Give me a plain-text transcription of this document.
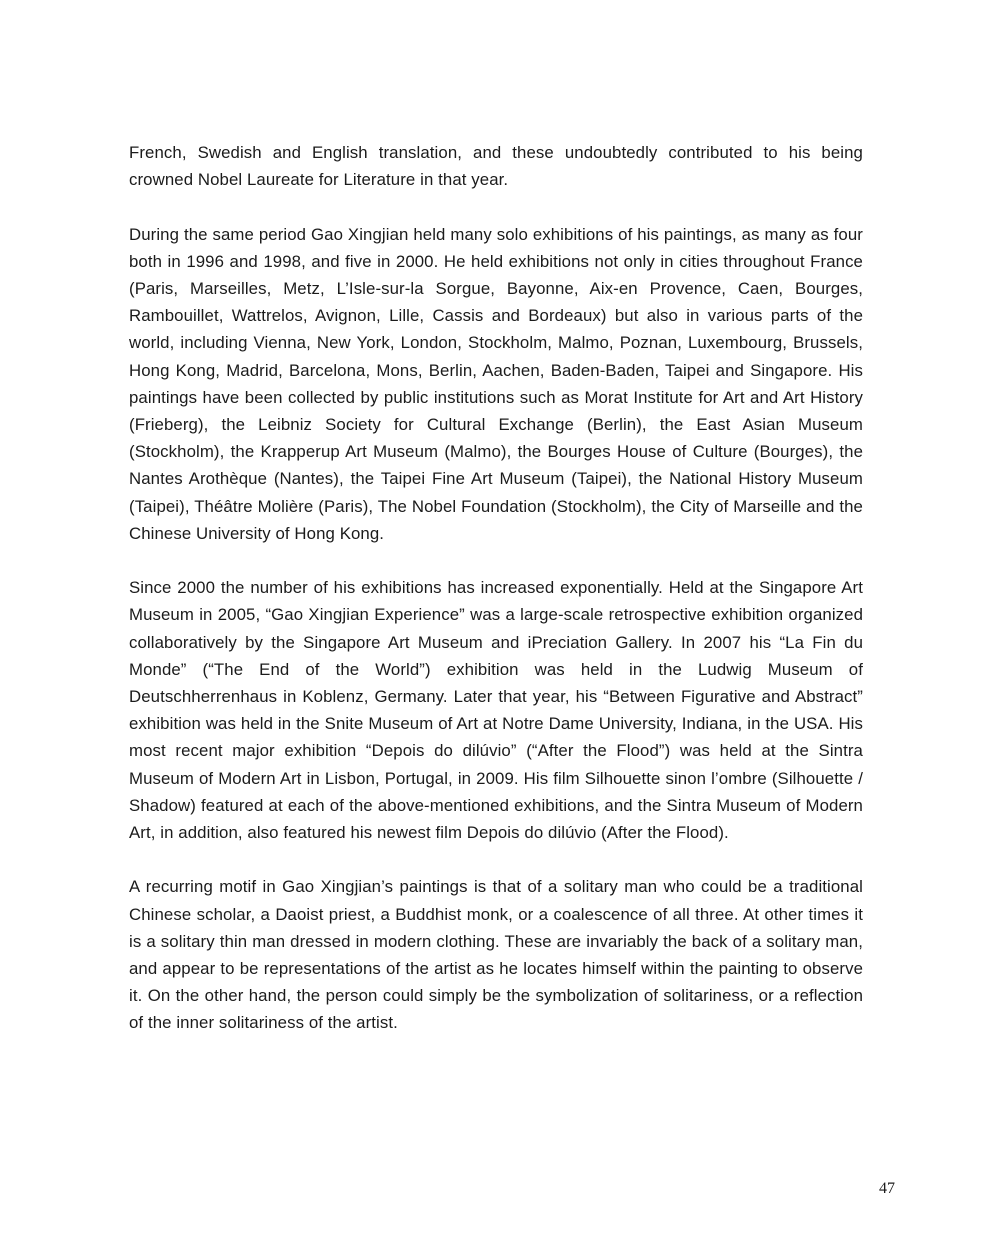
French, Swedish and English translation, and these undoubtedly contributed to his being crowned Nobel Laureate for Literature in that year.

During the same period Gao Xingjian held many solo exhibitions of his paintings, as many as four both in 1996 and 1998, and five in 2000. He held exhibitions not only in cities throughout France (Paris, Marseilles, Metz, L’Isle-sur-la Sorgue, Bayonne, Aix-en Provence, Caen, Bourges, Rambouillet, Wattrelos, Avignon, Lille, Cassis and Bordeaux) but also in various parts of the world, including Vienna, New York, London, Stockholm, Malmo, Poznan, Luxembourg, Brussels, Hong Kong, Madrid, Barcelona, Mons, Berlin, Aachen, Baden-Baden, Taipei and Singapore. His paintings have been collected by public institutions such as Morat Institute for Art and Art History (Frieberg), the Leibniz Society for Cultural Exchange (Berlin), the East Asian Museum (Stockholm), the Krapperup Art Museum (Malmo), the Bourges House of Culture (Bourges), the Nantes Arothèque (Nantes), the Taipei Fine Art Museum (Taipei), the National History Museum (Taipei), Théâtre Molière (Paris), The Nobel Foundation (Stockholm), the City of Marseille and the Chinese University of Hong Kong.

Since 2000 the number of his exhibitions has increased exponentially. Held at the Singapore Art Museum in 2005, “Gao Xingjian Experience” was a large-scale retrospective exhibition organized collaboratively by the Singapore Art Museum and iPreciation Gallery. In 2007 his “La Fin du Monde” (“The End of the World”) exhibition was held in the Ludwig Museum of Deutschherrenhaus in Koblenz, Germany. Later that year, his “Between Figurative and Abstract” exhibition was held in the Snite Museum of Art at Notre Dame University, Indiana, in the USA. His most recent major exhibition “Depois do dilúvio” (“After the Flood”) was held at the Sintra Museum of Modern Art in Lisbon, Portugal, in 2009. His film Silhouette sinon l’ombre (Silhouette / Shadow) featured at each of the above-mentioned exhibitions, and the Sintra Museum of Modern Art, in addition, also featured his newest film Depois do dilúvio (After the Flood).

A recurring motif in Gao Xingjian’s paintings is that of a solitary man who could be a traditional Chinese scholar, a Daoist priest, a Buddhist monk, or a coalescence of all three. At other times it is a solitary thin man dressed in modern clothing. These are invariably the back of a solitary man, and appear to be representations of the artist as he locates himself within the painting to observe it. On the other hand, the person could simply be the symbolization of solitariness, or a reflection of the inner solitariness of the artist.

47
